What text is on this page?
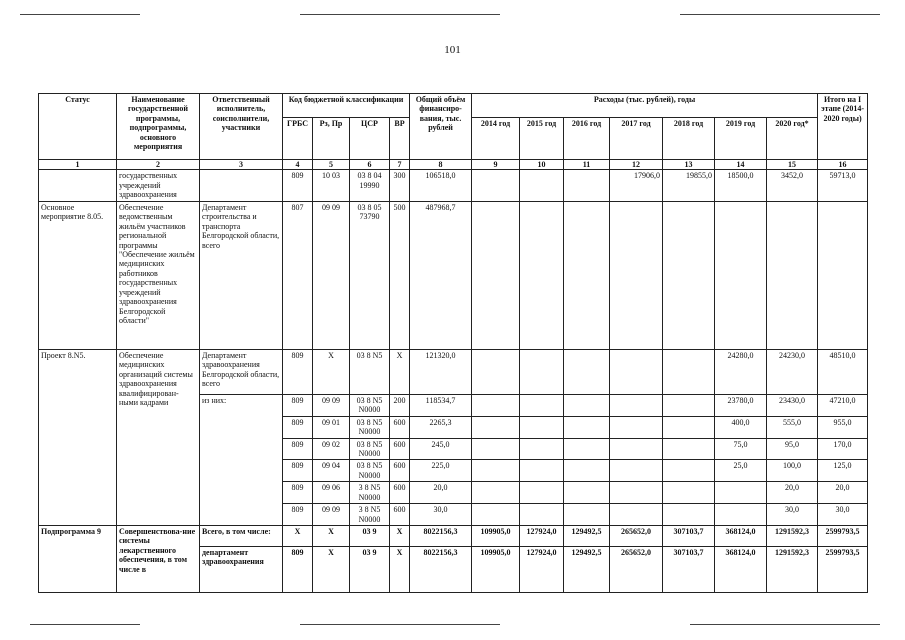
101
Статус	Наименование государственной программы, подпрограммы, основного мероприятия	Ответственный исполнитель, соисполнители, участники	Код бюджетной классификации				Общий объём финансиро-вания, тыс. рублей	Расходы (тыс. рублей), годы							Итого на I этапе (2014-2020 годы)
			ГРБС	Рз, Пр	ЦСР	ВР		2014 год	2015 год	2016 год	2017 год	2018 год	2019 год	2020 год*	
1	2	3	4	5	6	7	8	9	10	11	12	13	14	15	16
	государственных учреждений здравоохранения		809	10 03	03 8 04 19990	300	106518,0				17906,0	19855,0	18500,0	3452,0	59713,0
Основное мероприятие 8.05.	Обеспечение ведомственным жильём участников региональной программы "Обеспечение жильём медицинских работников государственных учреждений здравоохранения Белгородской области"	Департамент строительства и транспорта Белгородской области, всего	807	09 09	03 8 05 73790	500	487968,7								
Проект 8.N5.	Обеспечение медицинских организаций системы здравоохранения квалифицирован-ными кадрами	Департамент здравоохранения Белгородской области, всего	809	Х	03 8 N5	Х	121320,0						24280,0	24230,0	48510,0
		из них:	809	09 09	03 8 N5 N0000	200	118534,7						23780,0	23430,0	47210,0
			809	09 01	03 8 N5 N0000	600	2265,3						400,0	555,0	955,0
			809	09 02	03 8 N5 N0000	600	245,0						75,0	95,0	170,0
			809	09 04	03 8 N5 N0000	600	225,0						25,0	100,0	125,0
			809	09 06	3 8 N5 N0000	600	20,0							20,0	20,0
			809	09 09	3 8 N5 N0000	600	30,0							30,0	30,0
Подпрограмма 9	Совершенствова-ние системы лекарственного обеспечения, в том числе в	Всего, в том числе:	Х	Х	03 9	Х	8022156,3	109905,0	127924,0	129492,5	265652,0	307103,7	368124,0	1291592,3	2599793,5
		департамент здравоохранения	809	Х	03 9	Х	8022156,3	109905,0	127924,0	129492,5	265652,0	307103,7	368124,0	1291592,3	2599793,5
